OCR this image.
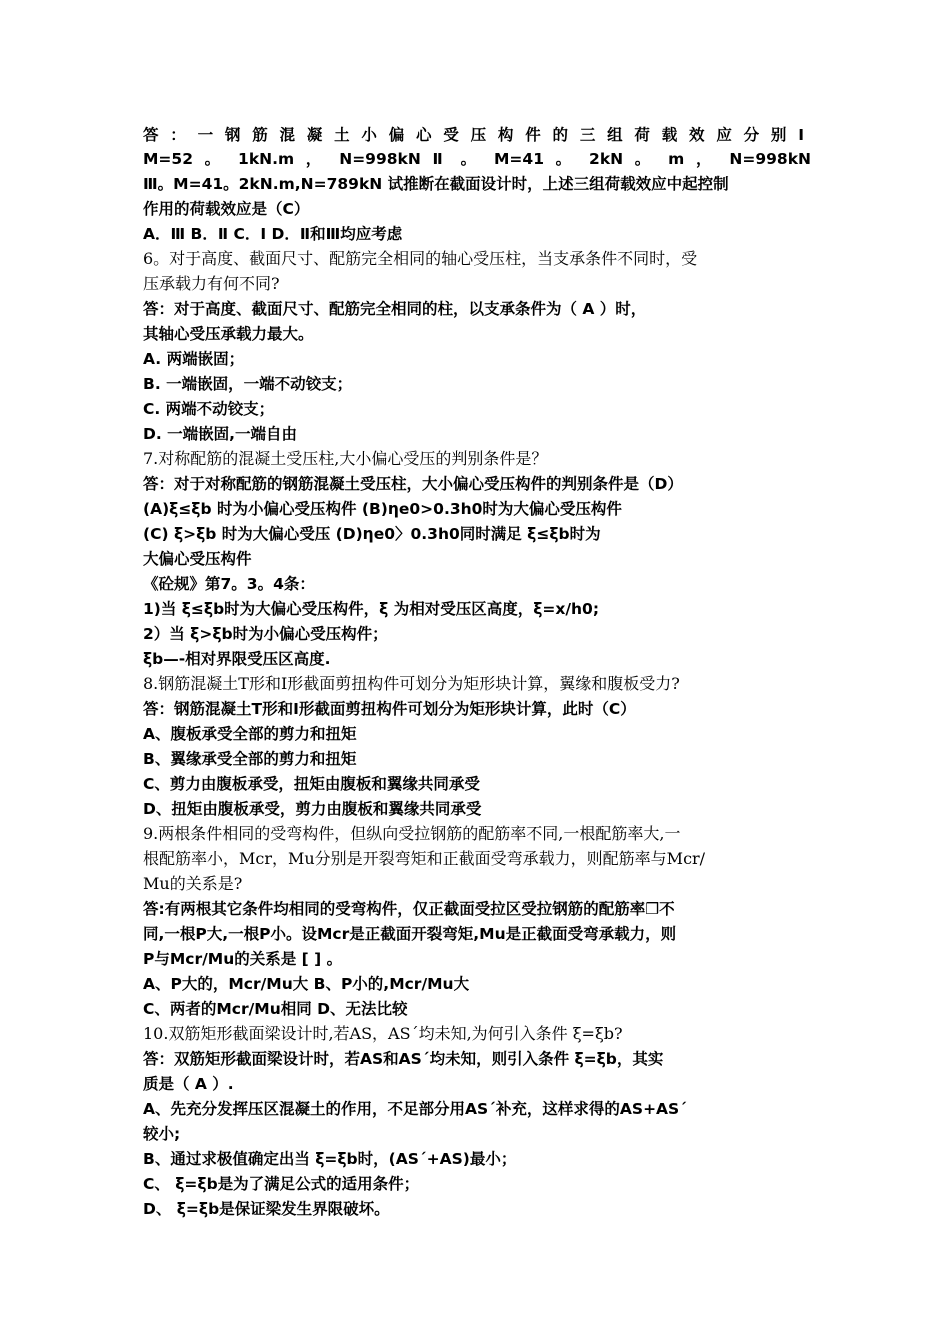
答：一钢筋混凝土小偏心受压构件的三组荷载效应分别Ⅰ
M=52 。 1kN.m ， N=998kN Ⅱ 。 M=41 。 2kN 。 m ， N=998kN
Ⅲ。M=41。2kN.m,N=789kN 试推断在截面设计时，上述三组荷载效应中起控制
作用的荷载效应是（C）
A．Ⅲ B．Ⅱ C．Ⅰ D．Ⅱ和Ⅲ均应考虑
6。对于高度、截面尺寸、配筋完全相同的轴心受压柱，当支承条件不同时，受
压承载力有何不同?
答：对于高度、截面尺寸、配筋完全相同的柱，以支承条件为（ A ）时，
其轴心受压承载力最大。
A. 两端嵌固；
B. 一端嵌固，一端不动铰支；
C. 两端不动铰支；
D. 一端嵌固,一端自由
7.对称配筋的混凝土受压柱,大小偏心受压的判别条件是？
答：对于对称配筋的钢筋混凝土受压柱，大小偏心受压构件的判别条件是（D）
(A)ξ≤ξb 时为小偏心受压构件 (B)ηe0>0.3h0时为大偏心受压构件
(C) ξ>ξb 时为大偏心受压 (D)ηe0〉0.3h0同时满足 ξ≤ξb时为
大偏心受压构件
《砼规》第7。3。4条：
1)当 ξ≤ξb时为大偏心受压构件，ξ 为相对受压区高度，ξ=x/h0;
2）当 ξ>ξb时为小偏心受压构件；
ξb—-相对界限受压区高度.
8.钢筋混凝土T形和I形截面剪扭构件可划分为矩形块计算，翼缘和腹板受力?
答：钢筋混凝土T形和Ⅰ形截面剪扭构件可划分为矩形块计算，此时（C）
A、腹板承受全部的剪力和扭矩
B、翼缘承受全部的剪力和扭矩
C、剪力由腹板承受，扭矩由腹板和翼缘共同承受
D、扭矩由腹板承受，剪力由腹板和翼缘共同承受
9.两根条件相同的受弯构件，但纵向受拉钢筋的配筋率不同,一根配筋率大,一
根配筋率小，Mcr，Mu分别是开裂弯矩和正截面受弯承载力，则配筋率与Mcr/
Mu的关系是?
答:有两根其它条件均相同的受弯构件，仅正截面受拉区受拉钢筋的配筋率❒不
同,一根P大,一根P小。设Mcr是正截面开裂弯矩,Mu是正截面受弯承载力，则
P与Mcr/Mu的关系是 [ ] 。
A、P大的，Mcr/Mu大 B、P小的,Mcr/Mu大
C、两者的Mcr/Mu相同 D、无法比较
10.双筋矩形截面梁设计时,若AS，AS´均未知,为何引入条件 ξ=ξb?
答：双筋矩形截面梁设计时，若AS和AS´均未知，则引入条件 ξ=ξb，其实
质是（ A ）.
A、先充分发挥压区混凝土的作用，不足部分用AS´补充，这样求得的AS+AS´
较小;
B、通过求极值确定出当 ξ=ξb时，(AS´+AS)最小；
C、 ξ=ξb是为了满足公式的适用条件；
D、 ξ=ξb是保证梁发生界限破坏。
